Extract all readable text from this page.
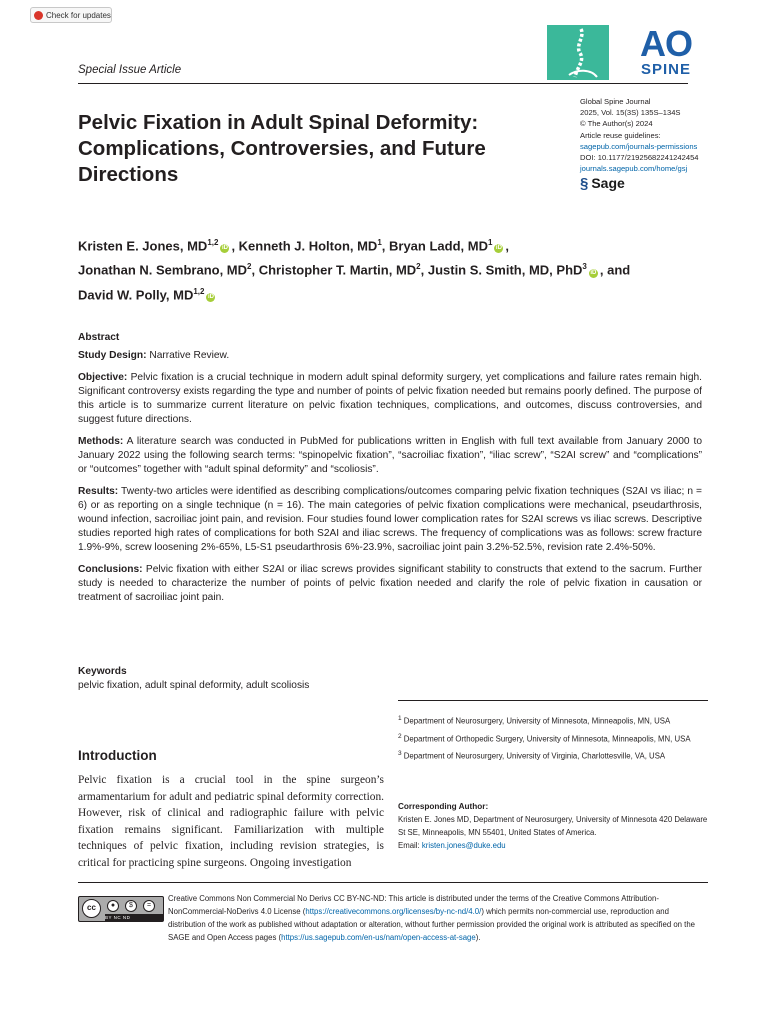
Check for updates
AO
SPINE
Special Issue Article
Pelvic Fixation in Adult Spinal Deformity: Complications, Controversies, and Future Directions
Global Spine Journal
2025, Vol. 15(3S) 135S–134S
© The Author(s) 2024
Article reuse guidelines:
sagepub.com/journals-permissions
DOI: 10.1177/21925682241242454
journals.sagepub.com/home/gsj
§ Sage
Kristen E. Jones, MD$^{1,2}$iD , Kenneth J. Holton, $MD^1$, Bryan Ladd, $MD^1iD$ ,
Jonathan N. Sembrano, $MD^2$, Christopher T. Martin, $MD^2$, Justin S. Smith, MD, PhD$^3$iD , and
David W. Polly, MD$^{1,2}$iD

Abstract

Study Design: Narrative Review.

Objective: Pelvic fixation is a crucial technique in modern adult spinal deformity surgery, yet complications and failure rates remain high. Significant controversy exists regarding the type and number of points of pelvic fixation needed but remains poorly defined. The purpose of this article is to summarize current literature on pelvic fixation techniques, complications, and outcomes, discuss controversies, and suggest future directions.

Methods: A literature search was conducted in PubMed for publications written in English with full text available from January 2000 to January 2022 using the following search terms: “spinopelvic fixation”, “sacroiliac fixation”, “iliac screw”, “S2AI screw” and “complications” or “outcomes” together with “adult spinal deformity” and “scoliosis”.

Results: Twenty-two articles were identified as describing complications/outcomes comparing pelvic fixation techniques (S2AI vs iliac; n = 6) or as reporting on a single technique (n = 16). The main categories of pelvic fixation complications were mechanical, pseudarthrosis, wound infection, sacroiliac joint pain, and revision. Four studies found lower complication rates for S2AI screws vs iliac screws. Descriptive studies reported high rates of complications for both S2AI and iliac screws. The frequency of complications was as follows: screw fracture 1.9%-9%, screw loosening 2%-65%, L5-S1 pseudarthrosis 6%-23.9%, sacroiliac joint pain 3.2%-52.5%, revision rate 2.4%-50%.

Conclusions: Pelvic fixation with either S2AI or iliac screws provides significant stability to constructs that extend to the sacrum. Further study is needed to characterize the number of points of pelvic fixation needed and clarify the role of pelvic fixation in causation or treatment of sacroiliac joint pain.

Keywords
pelvic fixation, adult spinal deformity, adult scoliosis

$^1$ Department of Neurosurgery, University of Minnesota, Minneapolis, MN, USA

$^2$ Department of Orthopedic Surgery, University of Minnesota, Minneapolis, MN, USA

$^3$ Department of Neurosurgery, University of Virginia, Charlottesville, VA, USA

Corresponding Author:
Kristen E. Jones MD, Department of Neurosurgery, University of Minnesota 420 Delaware St SE, Minneapolis, MN 55401, United States of America.
Email: kristen.jones@duke.edu
Introduction
Pelvic fixation is a crucial tool in the spine surgeon’s armamentarium for adult and pediatric spinal deformity correction. However, risk of clinical and radiographic failure with pelvic fixation remains significant. Familiarization with multiple techniques of pelvic fixation, including revision strategies, is critical for practicing spine surgeons. Ongoing investigation
cc	●	$	=
BY NC ND
Creative Commons Non Commercial No Derivs CC BY-NC-ND: This article is distributed under the terms of the Creative Commons Attribution-NonCommercial-NoDerivs 4.0 License (https://creativecommons.org/licenses/by-nc-nd/4.0/) which permits non-commercial use, reproduction and distribution of the work as published without adaptation or alteration, without further permission provided the original work is attributed as specified on the SAGE and Open Access pages (https://us.sagepub.com/en-us/nam/open-access-at-sage).
